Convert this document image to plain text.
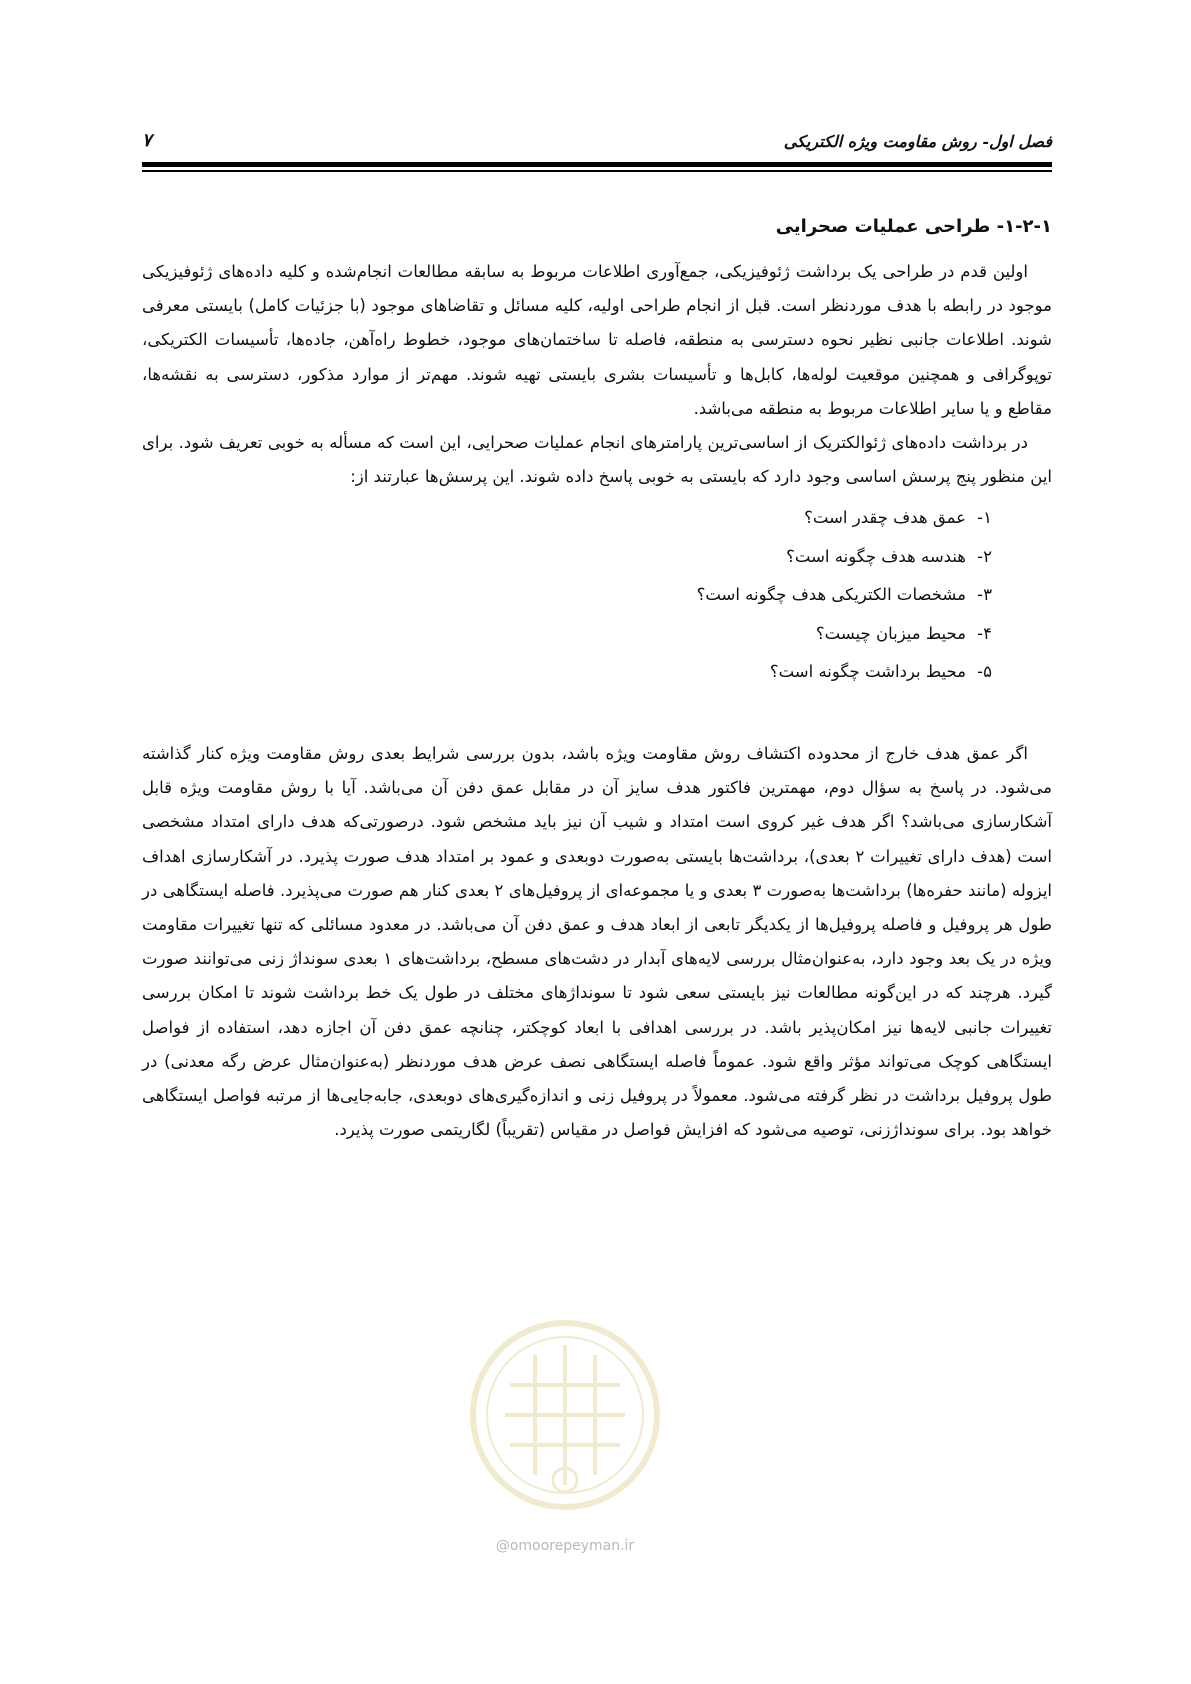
فصل اول- روش مقاومت ویژه الکتریکی
۷
۱-۲-۱- طراحی عملیات صحرایی

اولین قدم در طراحی یک برداشت ژئوفیزیکی، جمع‌آوری اطلاعات مربوط به سابقه مطالعات انجام‌شده و کلیه داده‌های ژئوفیزیکی موجود در رابطه با هدف موردنظر است. قبل از انجام طراحی اولیه، کلیه مسائل و تقاضاهای موجود (با جزئیات کامل) بایستی معرفی شوند. اطلاعات جانبی نظیر نحوه دسترسی به منطقه، فاصله تا ساختمان‌های موجود، خطوط راه‌آهن، جاده‌ها، تأسیسات الکتریکی، توپوگرافی و همچنین موقعیت لوله‌ها، کابل‌ها و تأسیسات بشری بایستی تهیه شوند. مهم‌تر از موارد مذکور، دسترسی به نقشه‌ها، مقاطع و یا سایر اطلاعات مربوط به منطقه می‌باشد.

در برداشت داده‌های ژئوالکتریک از اساسی‌ترین پارامترهای انجام عملیات صحرایی، این است که مسأله به خوبی تعریف شود. برای این منظور پنج پرسش اساسی وجود دارد که بایستی به خوبی پاسخ داده شوند. این پرسش‌ها عبارتند از:

۱-عمق هدف چقدر است؟
۲-هندسه هدف چگونه است؟
۳-مشخصات الکتریکی هدف چگونه است؟
۴-محیط میزبان چیست؟
۵-محیط برداشت چگونه است؟

اگر عمق هدف خارج از محدوده اکتشاف روش مقاومت ویژه باشد، بدون بررسی شرایط بعدی روش مقاومت ویژه کنار گذاشته می‌شود. در پاسخ به سؤال دوم، مهمترین فاکتور هدف سایز آن در مقابل عمق دفن آن می‌باشد. آیا با روش مقاومت ویژه قابل آشکارسازی می‌باشد؟ اگر هدف غیر کروی است امتداد و شیب آن نیز باید مشخص شود. درصورتی‌که هدف دارای امتداد مشخصی است (هدف دارای تغییرات ۲ بعدی)، برداشت‌ها بایستی به‌صورت دوبعدی و عمود بر امتداد هدف صورت پذیرد. در آشکارسازی اهداف ایزوله (مانند حفره‌ها) برداشت‌ها به‌صورت ۳ بعدی و یا مجموعه‌ای از پروفیل‌های ۲ بعدی کنار هم صورت می‌پذیرد. فاصله ایستگاهی در طول هر پروفیل و فاصله پروفیل‌ها از یکدیگر تابعی از ابعاد هدف و عمق دفن آن می‌باشد. در معدود مسائلی که تنها تغییرات مقاومت ویژه در یک بعد وجود دارد، به‌عنوان‌مثال بررسی لایه‌های آبدار در دشت‌های مسطح، برداشت‌های ۱ بعدی سونداژ زنی می‌توانند صورت گیرد. هرچند که در این‌گونه مطالعات نیز بایستی سعی شود تا سونداژهای مختلف در طول یک خط برداشت شوند تا امکان بررسی تغییرات جانبی لایه‌ها نیز امکان‌پذیر باشد. در بررسی اهدافی با ابعاد کوچکتر، چنانچه عمق دفن آن اجازه دهد، استفاده از فواصل ایستگاهی کوچک می‌تواند مؤثر واقع شود. عموماً فاصله ایستگاهی نصف عرض هدف موردنظر (به‌عنوان‌مثال عرض رگه معدنی) در طول پروفیل برداشت در نظر گرفته می‌شود. معمولاً در پروفیل زنی و اندازه‌گیری‌های دوبعدی، جابه‌جایی‌ها از مرتبه فواصل ایستگاهی خواهد بود. برای سونداژزنی، توصیه می‌شود که افزایش فواصل در مقیاس (تقریباً) لگاریتمی صورت پذیرد.

@omoorepeyman.ir
